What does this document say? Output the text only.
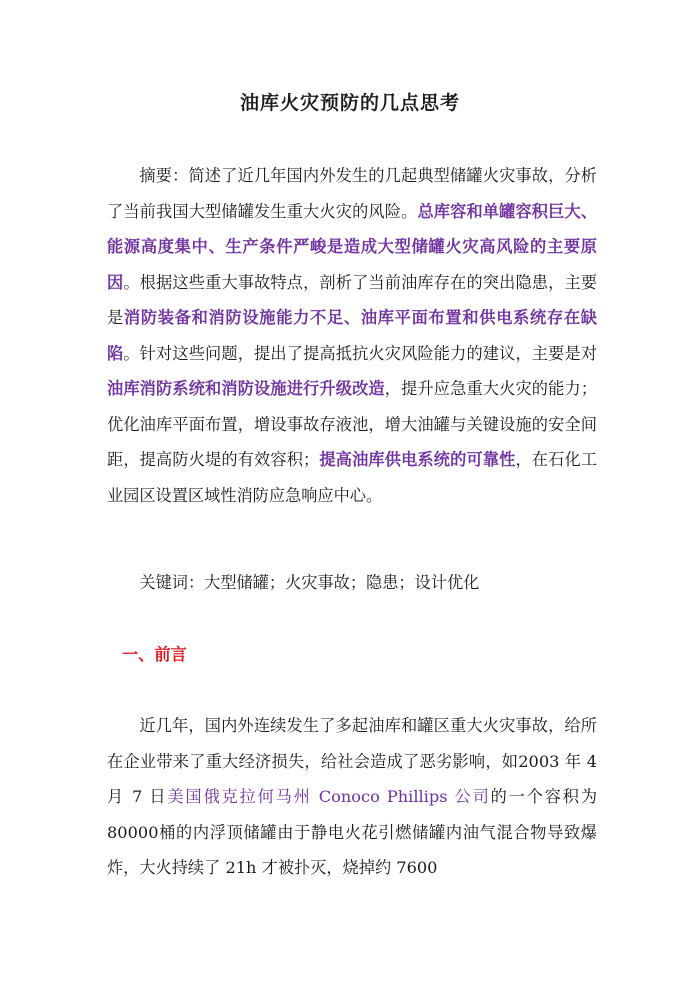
油库火灾预防的几点思考

摘要：简述了近几年国内外发生的几起典型储罐火灾事故，分析了当前我国大型储罐发生重大火灾的风险。总库容和单罐容积巨大、能源高度集中、生产条件严峻是造成大型储罐火灾高风险的主要原因。根据这些重大事故特点，剖析了当前油库存在的突出隐患，主要是消防装备和消防设施能力不足、油库平面布置和供电系统存在缺陷。针对这些问题，提出了提高抵抗火灾风险能力的建议，主要是对油库消防系统和消防设施进行升级改造，提升应急重大火灾的能力；优化油库平面布置，增设事故存液池，增大油罐与关键设施的安全间距，提高防火堤的有效容积；提高油库供电系统的可靠性，在石化工业园区设置区域性消防应急响应中心。

关键词：大型储罐；火灾事故；隐患；设计优化

一、前言

近几年，国内外连续发生了多起油库和罐区重大火灾事故，给所在企业带来了重大经济损失，给社会造成了恶劣影响，如2003 年 4 月 7 日美国俄克拉何马州 Conoco Phillips 公司的一个容积为80000桶的内浮顶储罐由于静电火花引燃储罐内油气混合物导致爆炸，大火持续了 21h 才被扑灭，烧掉约 7600
